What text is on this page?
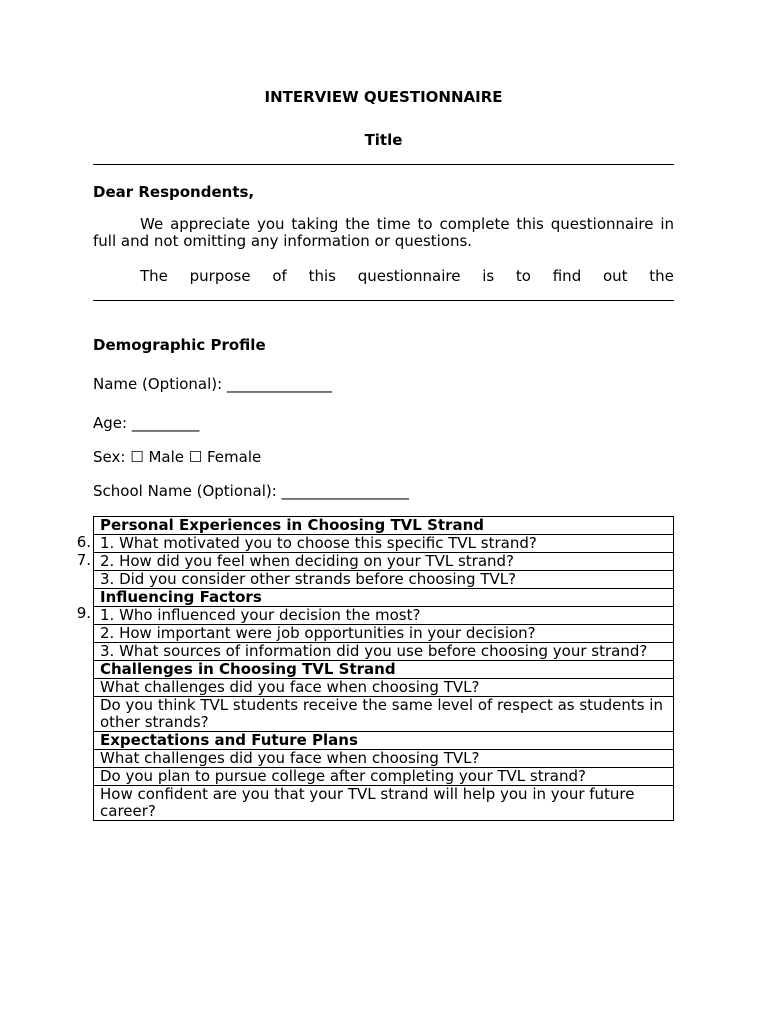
INTERVIEW QUESTIONNAIRE
Title
Dear Respondents,
We appreciate you taking the time to complete this questionnaire in full and not omitting any information or questions.
The purpose of this questionnaire is to find out the
Demographic Profile
Name (Optional): ______________
Age: _________
Sex: ☐ Male ☐ Female
School Name (Optional): _________________
6.
7.
9.
Personal Experiences in Choosing TVL Strand
1. What motivated you to choose this specific TVL strand?
2. How did you feel when deciding on your TVL strand?
3. Did you consider other strands before choosing TVL?
Influencing Factors
1. Who influenced your decision the most?
2. How important were job opportunities in your decision?
3. What sources of information did you use before choosing your strand?
Challenges in Choosing TVL Strand
What challenges did you face when choosing TVL?
Do you think TVL students receive the same level of respect as students in other strands?
Expectations and Future Plans
What challenges did you face when choosing TVL?
Do you plan to pursue college after completing your TVL strand?
How confident are you that your TVL strand will help you in your future career?
